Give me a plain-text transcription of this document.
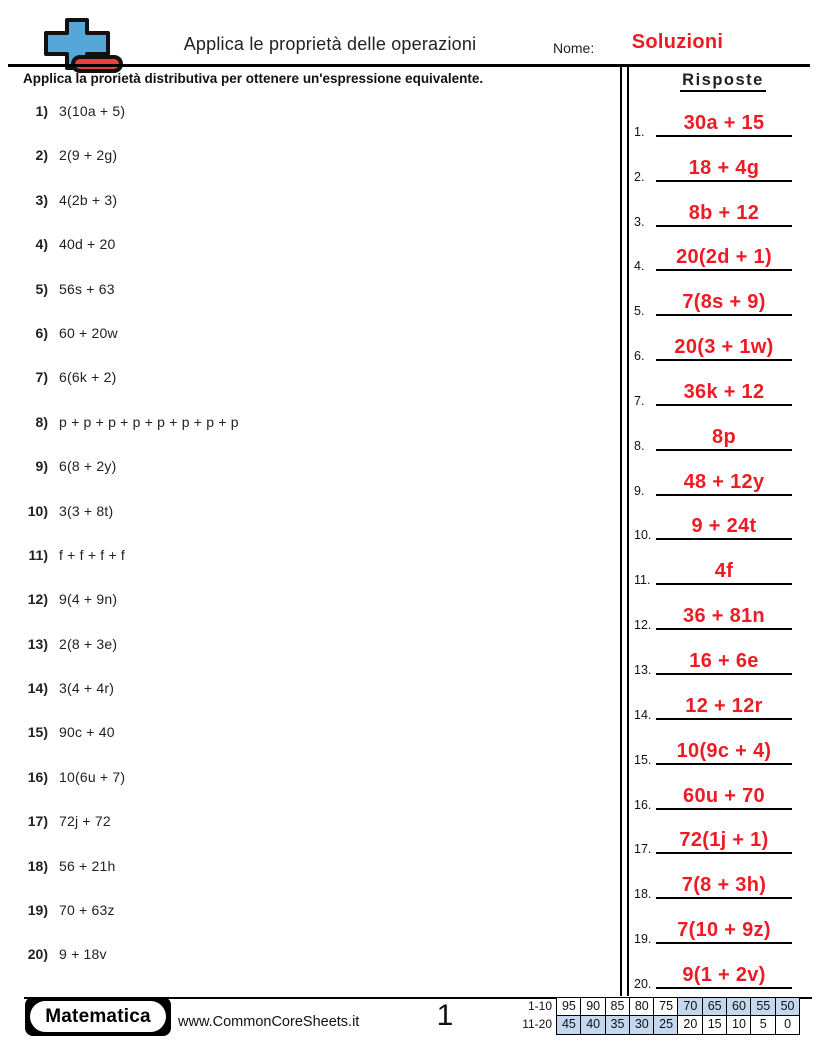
Applica le proprietà delle operazioni	Nome:	Soluzioni
Applica la prorietà distributiva per ottenere un'espressione equivalente.
1) 3(10a + 5)
2) 2(9 + 2g)
3) 4(2b + 3)
4) 40d + 20
5) 56s + 63
6) 60 + 20w
7) 6(6k + 2)
8) p + p + p + p + p + p + p + p
9) 6(8 + 2y)
10) 3(3 + 8t)
11) f + f + f + f
12) 9(4 + 9n)
13) 2(8 + 3e)
14) 3(4 + 4r)
15) 90c + 40
16) 10(6u + 7)
17) 72j + 72
18) 56 + 21h
19) 70 + 63z
20) 9 + 18v
Risposte
1.	30a + 15
2.	18 + 4g
3.	8b + 12
4.	20(2d + 1)
5.	7(8s + 9)
6.	20(3 + 1w)
7.	36k + 12
8.	8p
9.	48 + 12y
10.	9 + 24t
11.	4f
12.	36 + 81n
13.	16 + 6e
14.	12 + 12r
15.	10(9c + 4)
16.	60u + 70
17.	72(1j + 1)
18.	7(8 + 3h)
19.	7(10 + 9z)
20.	9(1 + 2v)
Matematica	www.CommonCoreSheets.it	1	1-10 95 90 85 80 75 70 65 60 55 50
11-20 45 40 35 30 25 20 15 10	5	0
